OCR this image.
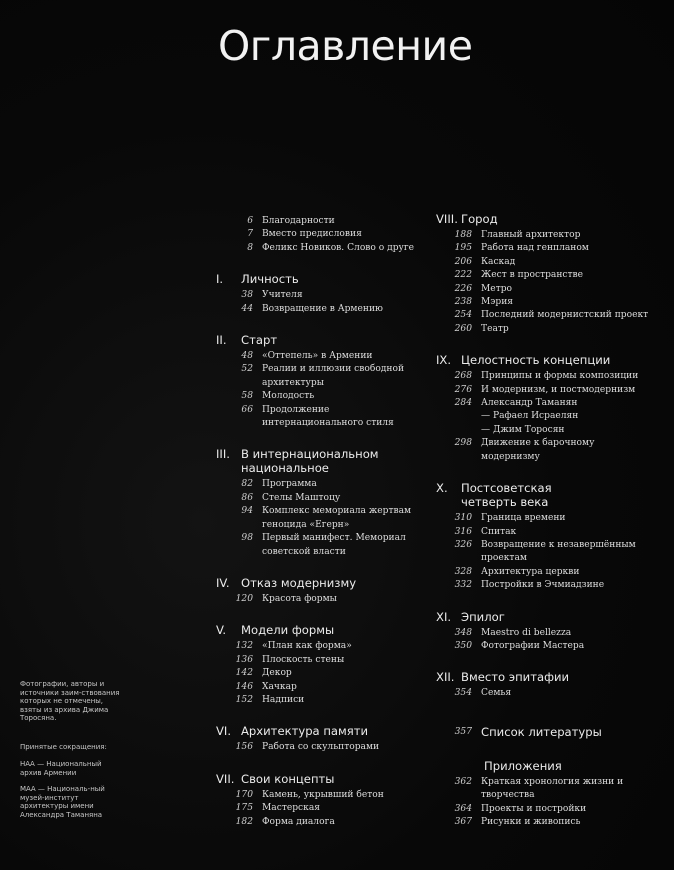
Оглавление
Фотографии, авторы и источники заим-ствования которых не отмечены, взяты из архива Джима Торосяна.
Принятые сокращения:
НАА — Национальный архив Армении
МАА — Националь-ный музей-институт архитектуры имени Александра Таманяна
6 Благодарности
7 Вместо предисловия
8 Феликс Новиков. Слово о друге
I.	Личность
38 Учителя
44 Возвращение в Армению
II.	Старт
48 «Оттепель» в Армении
52 Реалии и иллюзии свободной архитектуры
58 Молодость
66 Продолжение интернационального стиля
III. В интернациональном национальное
82 Программа
86 Стелы Маштоцу
94 Комплекс мемориала жертвам геноцида «Егерн»
98 Первый манифест. Мемориал советской власти
IV. Отказ модернизму
120 Красота формы
V.	Модели формы
132 «План как форма»
136 Плоскость стены
142 Декор
146 Хачкар
152 Надписи
VI. Архитектура памяти
156 Работа со скульпторами
VII. Свои концепты
170 Камень, укрывший бетон
175 Мастерская
182 Форма диалога
VIII. Город
188 Главный архитектор
195 Работа над генпланом
206 Каскад
222 Жест в пространстве
226 Метро
238 Мэрия
254 Последний модернистский проект
260 Театр
IX. Целостность концепции
268 Принципы и формы композиции
276 И модернизм, и постмодернизм
284 Александр Таманян — Рафаел Исраелян — Джим Торосян
298 Движение к барочному модернизму
X.	Постсоветская четверть века
310 Граница времени
316 Спитак
326 Возвращение к незавершённым проектам
328 Архитектура церкви
332 Постройки в Эчмиадзине
XI. Эпилог
348 Maestro di bellezza
350 Фотографии Мастера
XII. Вместо эпитафии
354 Семья
357 Список литературы
Приложения
362 Краткая хронология жизни и творчества
364 Проекты и постройки
367 Рисунки и живопись
